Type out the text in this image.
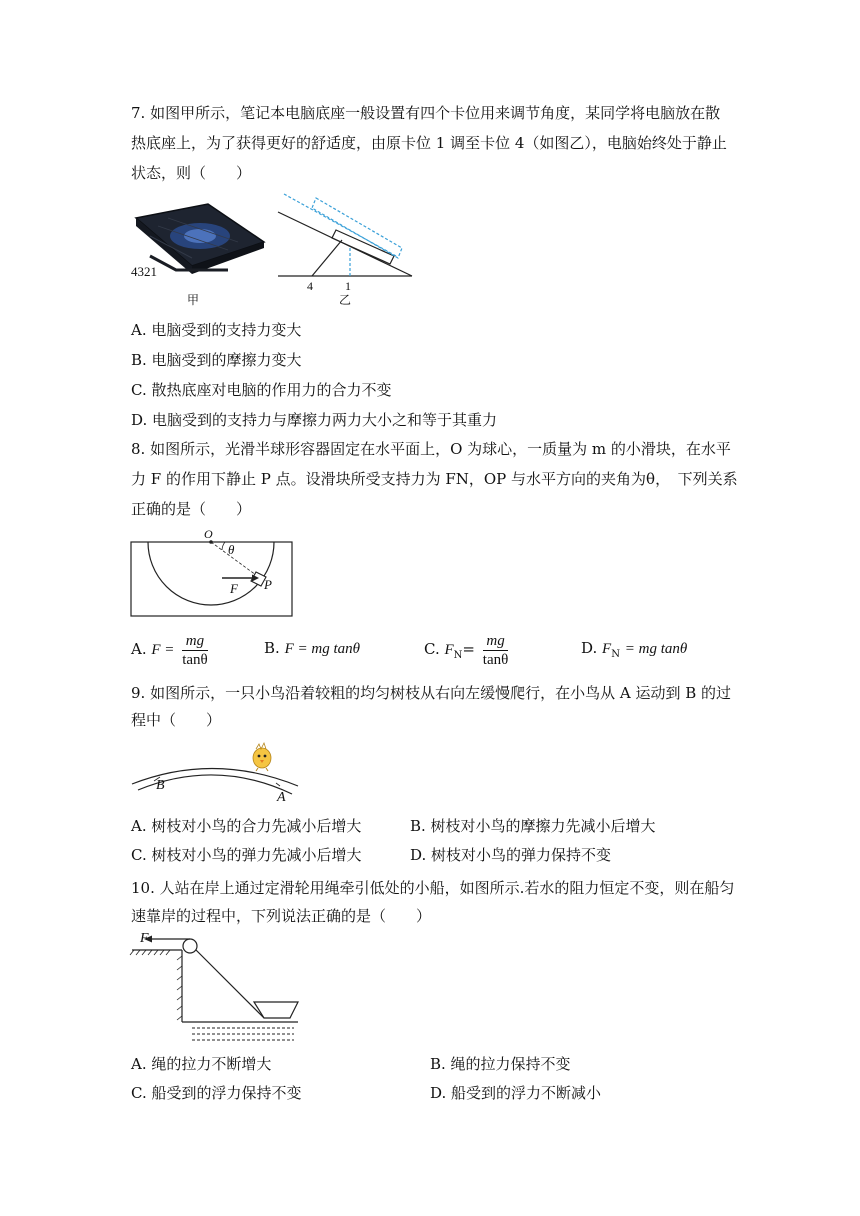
7. 如图甲所示，笔记本电脑底座一般设置有四个卡位用来调节角度，某同学将电脑放在散
热底座上，为了获得更好的舒适度，由原卡位 1 调至卡位 4（如图乙），电脑始终处于静止
状态，则（　　）
4321
甲
4	1
乙
A. 电脑受到的支持力变大
B. 电脑受到的摩擦力变大
C. 散热底座对电脑的作用力的合力不变
D. 电脑受到的支持力与摩擦力两力大小之和等于其重力
8. 如图所示，光滑半球形容器固定在水平面上，O 为球心，一质量为 m 的小滑块，在水平
力 F 的作用下静止 P 点。设滑块所受支持力为 FN，OP 与水平方向的夹角为θ，　下列关系
正确的是（　　）
O
θ
F P
A. $F = \frac{mg}{\tan\theta}$	B. F = mg tanθ	C. $F_N= \frac{mg}{\tan\theta}$	D. $F_N$ = mg tanθ
9. 如图所示，一只小鸟沿着较粗的均匀树枝从右向左缓慢爬行，在小鸟从 A 运动到 B 的过
程中（　　）
B
A
A. 树枝对小鸟的合力先减小后增大	B. 树枝对小鸟的摩擦力先减小后增大
C. 树枝对小鸟的弹力先减小后增大	D. 树枝对小鸟的弹力保持不变
10. 人站在岸上通过定滑轮用绳牵引低处的小船，如图所示.若水的阻力恒定不变，则在船匀
速靠岸的过程中，下列说法正确的是（　　）
F
A. 绳的拉力不断增大	B. 绳的拉力保持不变
C. 船受到的浮力保持不变	D. 船受到的浮力不断减小
